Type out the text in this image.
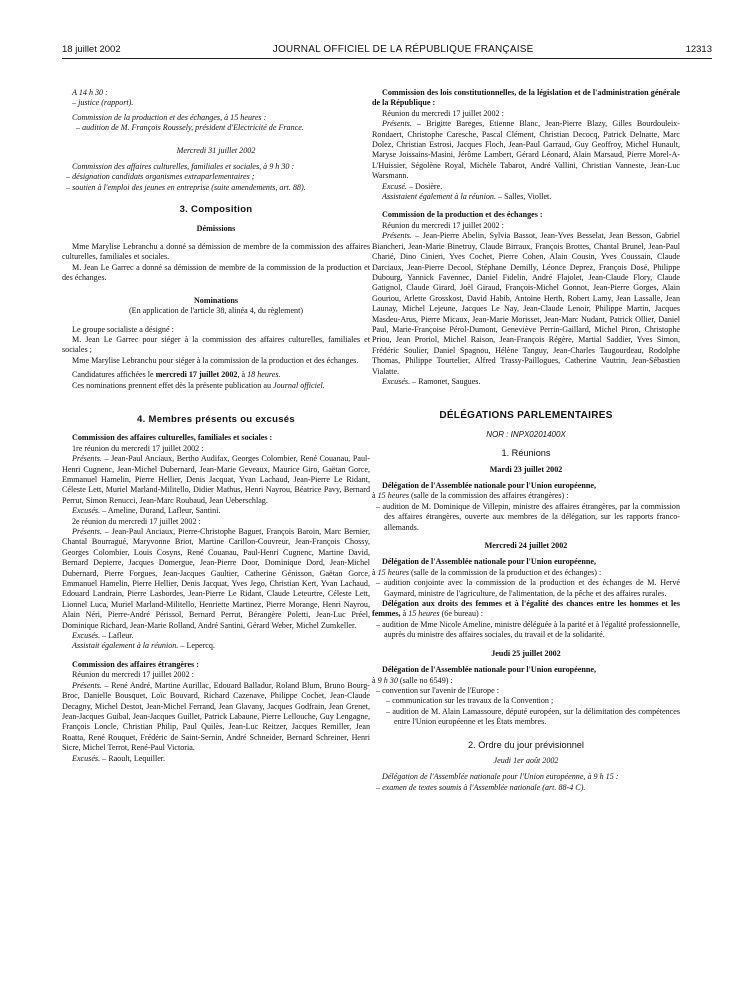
18 juillet 2002	JOURNAL OFFICIEL DE LA RÉPUBLIQUE FRANÇAISE	12313

A 14 h 30 :

– justice (rapport).

Commission de la production et des échanges, à 15 heures :

– audition de M. François Roussely, président d'Electricité de France.

Mercredi 31 juillet 2002

Commission des affaires culturelles, familiales et sociales, à 9 h 30 :

– désignation candidats organismes extraparlementaires ;

– soutien à l'emploi des jeunes en entreprise (suite amendements, art. 88).

3. Composition

Démissions

Mme Marylise Lebranchu a donné sa démission de membre de la commission des affaires culturelles, familiales et sociales.

M. Jean Le Garrec a donné sa démission de membre de la commission de la production et des échanges.

Nominations

(En application de l'article 38, alinéa 4, du règlement)

Le groupe socialiste a désigné :

M. Jean Le Garrec pour siéger à la commission des affaires culturelles, familiales et sociales ;

Mme Marylise Lebranchu pour siéger à la commission de la production et des échanges.

Candidatures affichées le mercredi 17 juillet 2002, à 18 heures.

Ces nominations prennent effet dès la présente publication au Journal officiel.

4. Membres présents ou excusés

Commission des affaires culturelles, familiales et sociales :

1re réunion du mercredi 17 juillet 2002 :

Présents. – Jean-Paul Anciaux, Bertho Audifax, Georges Colombier, René Couanau, Paul-Henri Cugnenc, Jean-Michel Dubernard, Jean-Marie Geveaux, Maurice Giro, Gaëtan Gorce, Emmanuel Hamelin, Pierre Hellier, Denis Jacquat, Yvan Lachaud, Jean-Pierre Le Ridant, Céleste Lett, Muriel Marland-Militello, Didier Mathus, Henri Nayrou, Béatrice Pavy, Bernard Perrut, Simon Renucci, Jean-Marc Roubaud, Jean Ueberschlag.

Excusés. – Ameline, Durand, Lafleur, Santini.

2e réunion du mercredi 17 juillet 2002 :

Présents. – Jean-Paul Anciaux, Pierre-Christophe Baguet, François Baroin, Marc Bernier, Chantal Bourragué, Maryvonne Briot, Martine Carillon-Couvreur, Jean-François Chossy, Georges Colombier, Louis Cosyns, René Couanau, Paul-Henri Cugnenc, Martine David, Bernard Depierre, Jacques Domergue, Jean-Pierre Door, Dominique Dord, Jean-Michel Dubernard, Pierre Forgues, Jean-Jacques Gaultier, Catherine Génisson, Gaëtan Gorce, Emmanuel Hamelin, Pierre Hellier, Denis Jacquat, Yves Jego, Christian Kert, Yvan Lachaud, Edouard Landrain, Pierre Lasbordes, Jean-Pierre Le Ridant, Claude Leteurtre, Céleste Lett, Lionnel Luca, Muriel Marland-Militello, Henriette Martinez, Pierre Morange, Henri Nayrou, Alain Néri, Pierre-André Périssol, Bernard Perrut, Bérangère Poletti, Jean-Luc Préel, Dominique Richard, Jean-Marie Rolland, André Santini, Gérard Weber, Michel Zumkeller.

Excusés. – Lafleur.

Assistait également à la réunion. – Lepercq.

Commission des affaires étrangères :

Réunion du mercredi 17 juillet 2002 :

Présents. – René André, Martine Aurillac, Edouard Balladur, Roland Blum, Bruno Bourg-Broc, Danielle Bousquet, Loïc Bouvard, Richard Cazenave, Philippe Cochet, Jean-Claude Decagny, Michel Destot, Jean-Michel Ferrand, Jean Glavany, Jacques Godfrain, Jean Grenet, Jean-Jacques Guibal, Jean-Jacques Guillet, Patrick Labaune, Pierre Lellouche, Guy Lengagne, François Loncle, Christian Philip, Paul Quilès, Jean-Luc Reitzer, Jacques Remiller, Jean Roatta, René Rouquet, Frédéric de Saint-Sernin, André Schneider, Bernard Schreiner, Henri Sicre, Michel Terrot, René-Paul Victoria.

Excusés. – Raoult, Lequiller.

Commission des lois constitutionnelles, de la législation et de l'administration générale de la République :

Réunion du mercredi 17 juillet 2002 :

Présents. – Brigitte Bareges, Etienne Blanc, Jean-Pierre Blazy, Gilles Bourdouleix-Rondaert, Christophe Caresche, Pascal Clément, Christian Decocq, Patrick Delnatte, Marc Dolez, Christian Estrosi, Jacques Floch, Jean-Paul Garraud, Guy Geoffroy, Michel Hunault, Maryse Joissains-Masini, Jérôme Lambert, Gérard Léonard, Alain Marsaud, Pierre Morel-A-L'Huissier, Ségolène Royal, Michèle Tabarot, André Vallini, Christian Vanneste, Jean-Luc Warsmann.

Excusé. – Dosière.

Assistaient également à la réunion. – Salles, Viollet.

Commission de la production et des échanges :

Réunion du mercredi 17 juillet 2002 :

Présents. – Jean-Pierre Abelin, Sylvia Bassot, Jean-Yves Besselat, Jean Besson, Gabriel Biancheri, Jean-Marie Binetruy, Claude Birraux, François Brottes, Chantal Brunel, Jean-Paul Charié, Dino Cinieri, Yves Cochet, Pierre Cohen, Alain Cousin, Yves Coussain, Claude Darciaux, Jean-Pierre Decool, Stéphane Demilly, Léonce Deprez, François Dosé, Philippe Dubourg, Yannick Favennec, Daniel Fidelin, André Flajolet, Jean-Claude Flory, Claude Gatignol, Claude Girard, Joël Giraud, François-Michel Gonnot, Jean-Pierre Gorges, Alain Gouriou, Arlette Grosskost, David Habib, Antoine Herth, Robert Lamy, Jean Lassalle, Jean Launay, Michel Lejeune, Jacques Le Nay, Jean-Claude Lenoir, Philippe Martin, Jacques Masdeu-Arus, Pierre Micaux, Jean-Marie Morisset, Jean-Marc Nudant, Patrick Ollier, Daniel Paul, Marie-Françoise Pérol-Dumont, Geneviève Perrin-Gaillard, Michel Piron, Christophe Priou, Jean Proriol, Michel Raison, Jean-François Régère, Martial Saddier, Yves Simon, Frédéric Soulier, Daniel Spagnou, Hélène Tanguy, Jean-Charles Taugourdeau, Rodolphe Thomas, Philippe Tourtelier, Alfred Trassy-Paillogues, Catherine Vautrin, Jean-Sébastien Vialatte.

Excusés. – Ramonet, Saugues.

DÉLÉGATIONS PARLEMENTAIRES

NOR : INPX0201400X

1. Réunions

Mardi 23 juillet 2002

Délégation de l'Assemblée nationale pour l'Union européenne,

à 15 heures (salle de la commission des affaires étrangères) :

– audition de M. Dominique de Villepin, ministre des affaires étrangères, par la commission des affaires étrangères, ouverte aux membres de la délégation, sur les rapports franco-allemands.

Mercredi 24 juillet 2002

Délégation de l'Assemblée nationale pour l'Union européenne,

à 15 heures (salle de la commission de la production et des échanges) :

– audition conjointe avec la commission de la production et des échanges de M. Hervé Gaymard, ministre de l'agriculture, de l'alimentation, de la pêche et des affaires rurales.

Délégation aux droits des femmes et à l'égalité des chances entre les hommes et les femmes, à 15 heures (6e bureau) :

– audition de Mme Nicole Ameline, ministre déléguée à la parité et à l'égalité professionnelle, auprès du ministre des affaires sociales, du travail et de la solidarité.

Jeudi 25 juillet 2002

Délégation de l'Assemblée nationale pour l'Union européenne,

à 9 h 30 (salle no 6549) :

– convention sur l'avenir de l'Europe :

– communication sur les travaux de la Convention ;

– audition de M. Alain Lamassoure, député européen, sur la délimitation des compétences entre l'Union européenne et les États membres.

2. Ordre du jour prévisionnel

Jeudi 1er août 2002

Délégation de l'Assemblée nationale pour l'Union européenne, à 9 h 15 :

– examen de textes soumis à l'Assemblée nationale (art. 88-4 C).
